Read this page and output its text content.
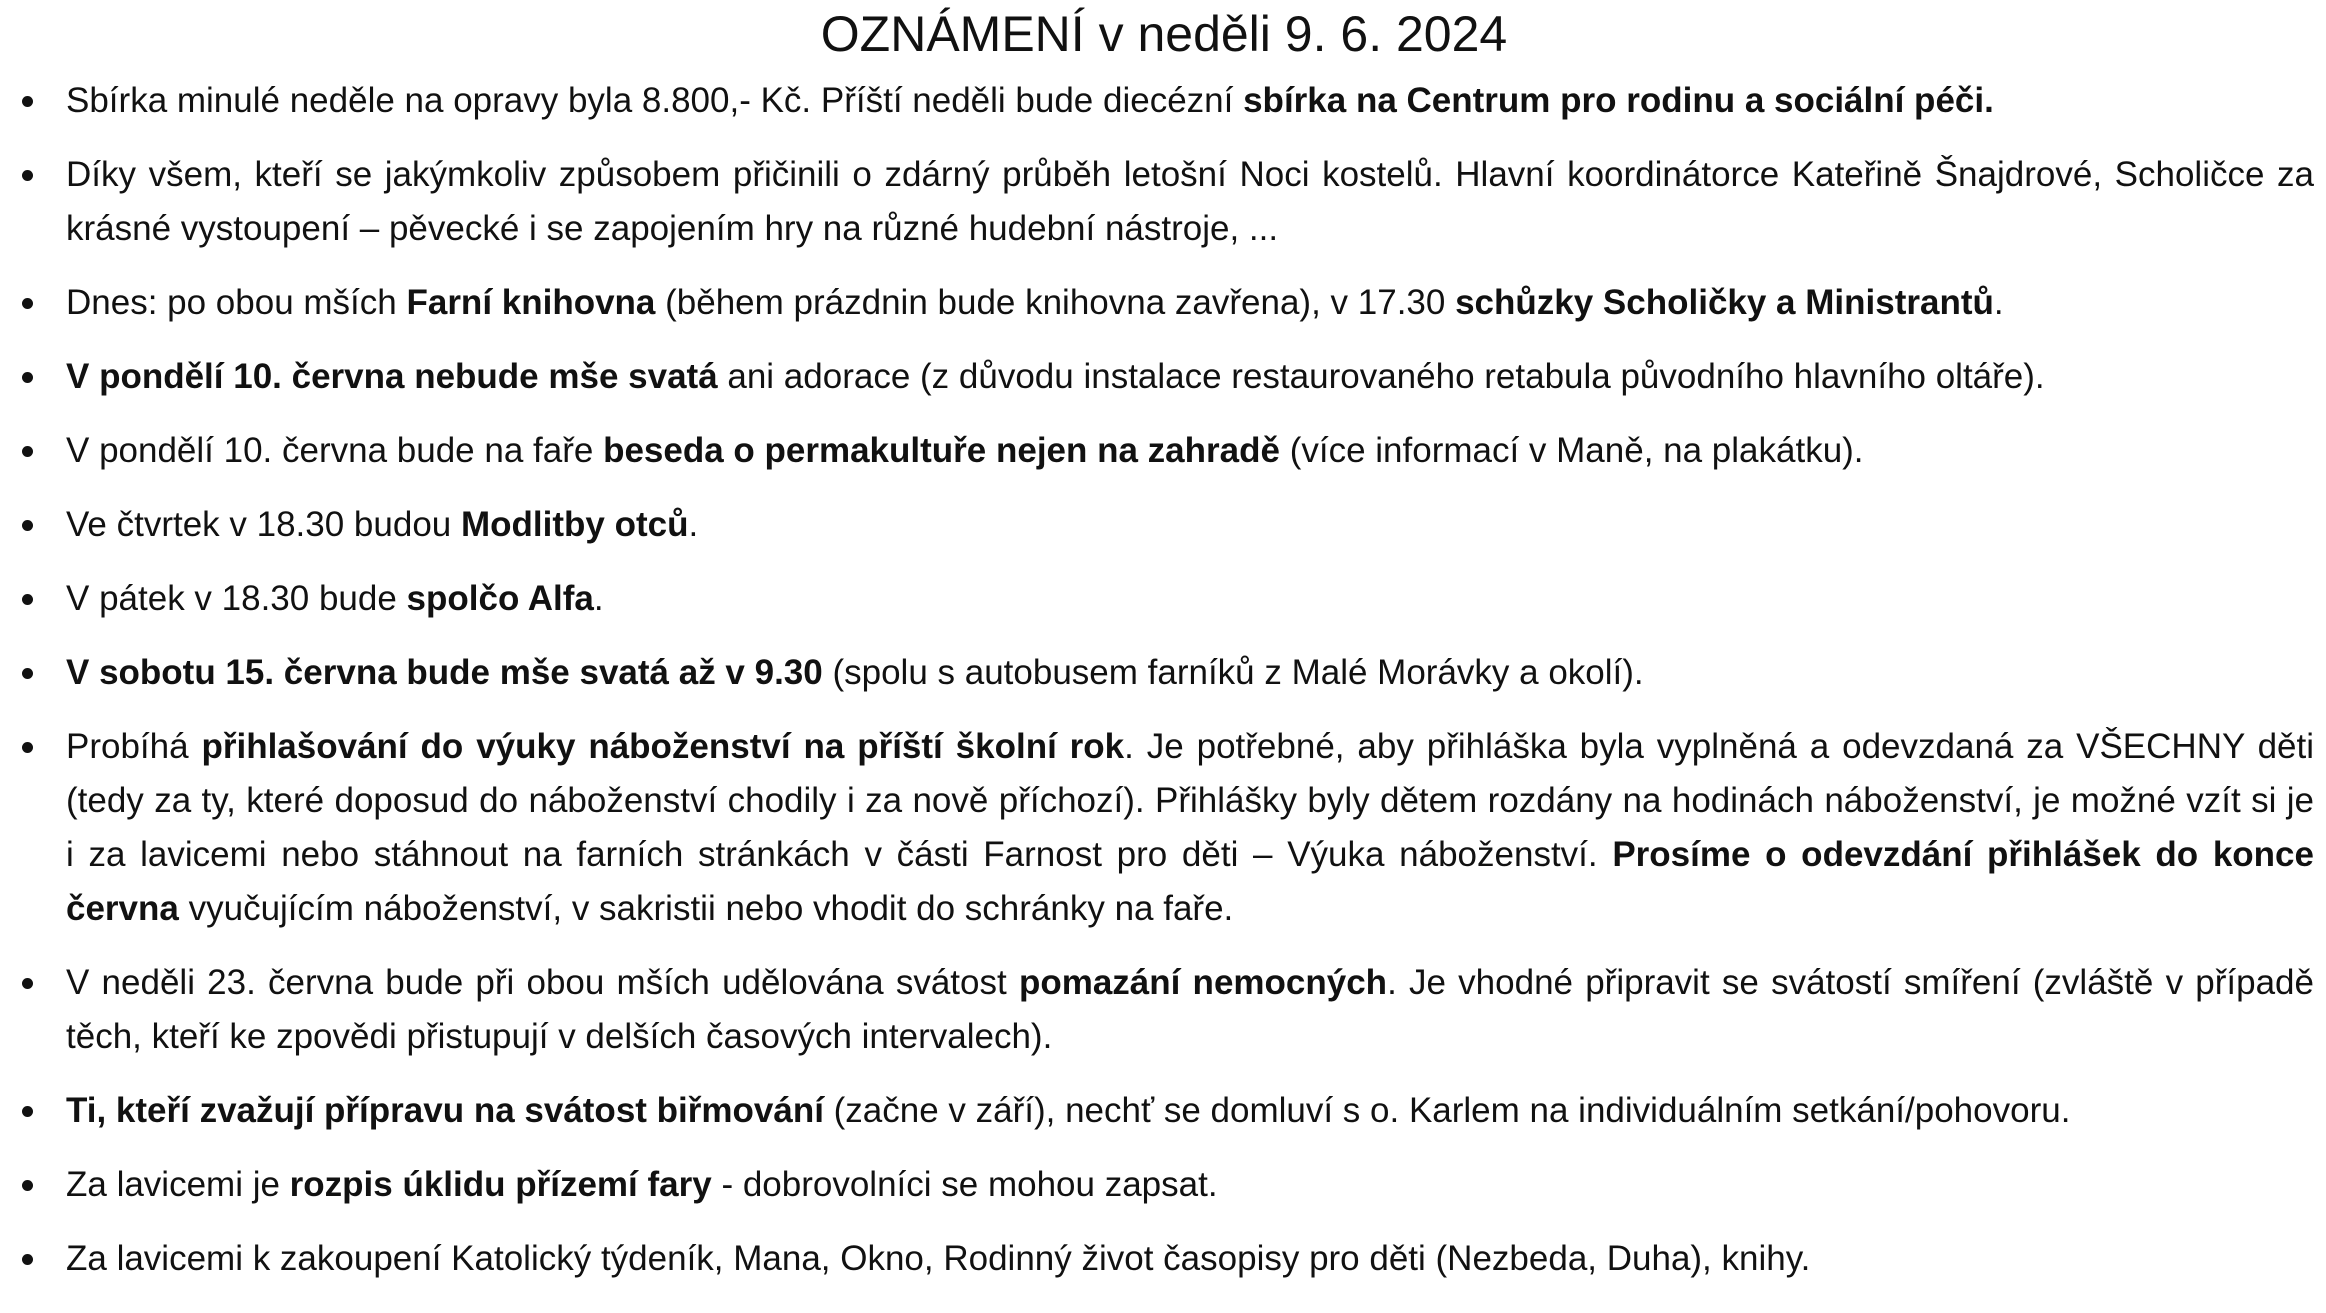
OZNÁMENÍ v neděli 9. 6. 2024
Sbírka minulé neděle na opravy byla 8.800,- Kč. Příští neděli bude diecézní sbírka na Centrum pro rodinu a sociální péči.
Díky všem, kteří se jakýmkoliv způsobem přičinili o zdárný průběh letošní Noci kostelů. Hlavní koordinátorce Kateřině Šnajdrové, Scholičce za krásné vystoupení – pěvecké i se zapojením hry na různé hudební nástroje, ...
Dnes: po obou mších Farní knihovna (během prázdnin bude knihovna zavřena), v 17.30 schůzky Scholičky a Ministrantů.
V pondělí 10. června nebude mše svatá ani adorace (z důvodu instalace restaurovaného retabula původního hlavního oltáře).
V pondělí 10. června bude na faře beseda o permakultuře nejen na zahradě (více informací v Maně, na plakátku).
Ve čtvrtek v 18.30 budou Modlitby otců.
V pátek v 18.30 bude spolčo Alfa.
V sobotu 15. června bude mše svatá až v 9.30 (spolu s autobusem farníků z Malé Morávky a okolí).
Probíhá přihlašování do výuky náboženství na příští školní rok. Je potřebné, aby přihláška byla vyplněná a odevzdaná za VŠECHNY děti (tedy za ty, které doposud do náboženství chodily i za nově příchozí). Přihlášky byly dětem rozdány na hodinách náboženství, je možné vzít si je i za lavicemi nebo stáhnout na farních stránkách v části Farnost pro děti – Výuka náboženství. Prosíme o odevzdání přihlášek do konce června vyučujícím náboženství, v sakristii nebo vhodit do schránky na faře.
V neděli 23. června bude při obou mších udělována svátost pomazání nemocných. Je vhodné připravit se svátostí smíření (zvláště v případě těch, kteří ke zpovědi přistupují v delších časových intervalech).
Ti, kteří zvažují přípravu na svátost biřmování (začne v září), nechť se domluví s o. Karlem na individuálním setkání/pohovoru.
Za lavicemi je rozpis úklidu přízemí fary - dobrovolníci se mohou zapsat.
Za lavicemi k zakoupení Katolický týdeník, Mana, Okno, Rodinný život časopisy pro děti (Nezbeda, Duha), knihy.
